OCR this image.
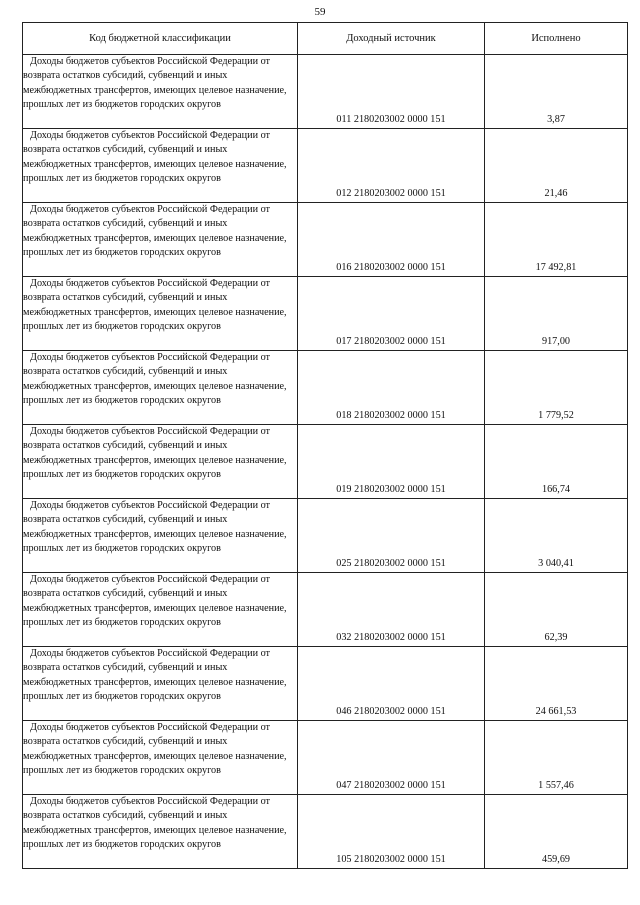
59
Код бюджетной классификации	Доходный источник	Исполнено
Доходы бюджетов субъектов Российской Федерации от возврата остатков субсидий, субвенций и иных межбюджетных трансфертов, имеющих целевое назначение, прошлых лет из бюджетов городских округов	011 2180203002 0000 151	3,87
Доходы бюджетов субъектов Российской Федерации от возврата остатков субсидий, субвенций и иных межбюджетных трансфертов, имеющих целевое назначение, прошлых лет из бюджетов городских округов	012 2180203002 0000 151	21,46
Доходы бюджетов субъектов Российской Федерации от возврата остатков субсидий, субвенций и иных межбюджетных трансфертов, имеющих целевое назначение, прошлых лет из бюджетов городских округов	016 2180203002 0000 151	17 492,81
Доходы бюджетов субъектов Российской Федерации от возврата остатков субсидий, субвенций и иных межбюджетных трансфертов, имеющих целевое назначение, прошлых лет из бюджетов городских округов	017 2180203002 0000 151	917,00
Доходы бюджетов субъектов Российской Федерации от возврата остатков субсидий, субвенций и иных межбюджетных трансфертов, имеющих целевое назначение, прошлых лет из бюджетов городских округов	018 2180203002 0000 151	1 779,52
Доходы бюджетов субъектов Российской Федерации от возврата остатков субсидий, субвенций и иных межбюджетных трансфертов, имеющих целевое назначение, прошлых лет из бюджетов городских округов	019 2180203002 0000 151	166,74
Доходы бюджетов субъектов Российской Федерации от возврата остатков субсидий, субвенций и иных межбюджетных трансфертов, имеющих целевое назначение, прошлых лет из бюджетов городских округов	025 2180203002 0000 151	3 040,41
Доходы бюджетов субъектов Российской Федерации от возврата остатков субсидий, субвенций и иных межбюджетных трансфертов, имеющих целевое назначение, прошлых лет из бюджетов городских округов	032 2180203002 0000 151	62,39
Доходы бюджетов субъектов Российской Федерации от возврата остатков субсидий, субвенций и иных межбюджетных трансфертов, имеющих целевое назначение, прошлых лет из бюджетов городских округов	046 2180203002 0000 151	24 661,53
Доходы бюджетов субъектов Российской Федерации от возврата остатков субсидий, субвенций и иных межбюджетных трансфертов, имеющих целевое назначение, прошлых лет из бюджетов городских округов	047 2180203002 0000 151	1 557,46
Доходы бюджетов субъектов Российской Федерации от возврата остатков субсидий, субвенций и иных межбюджетных трансфертов, имеющих целевое назначение, прошлых лет из бюджетов городских округов	105 2180203002 0000 151	459,69
